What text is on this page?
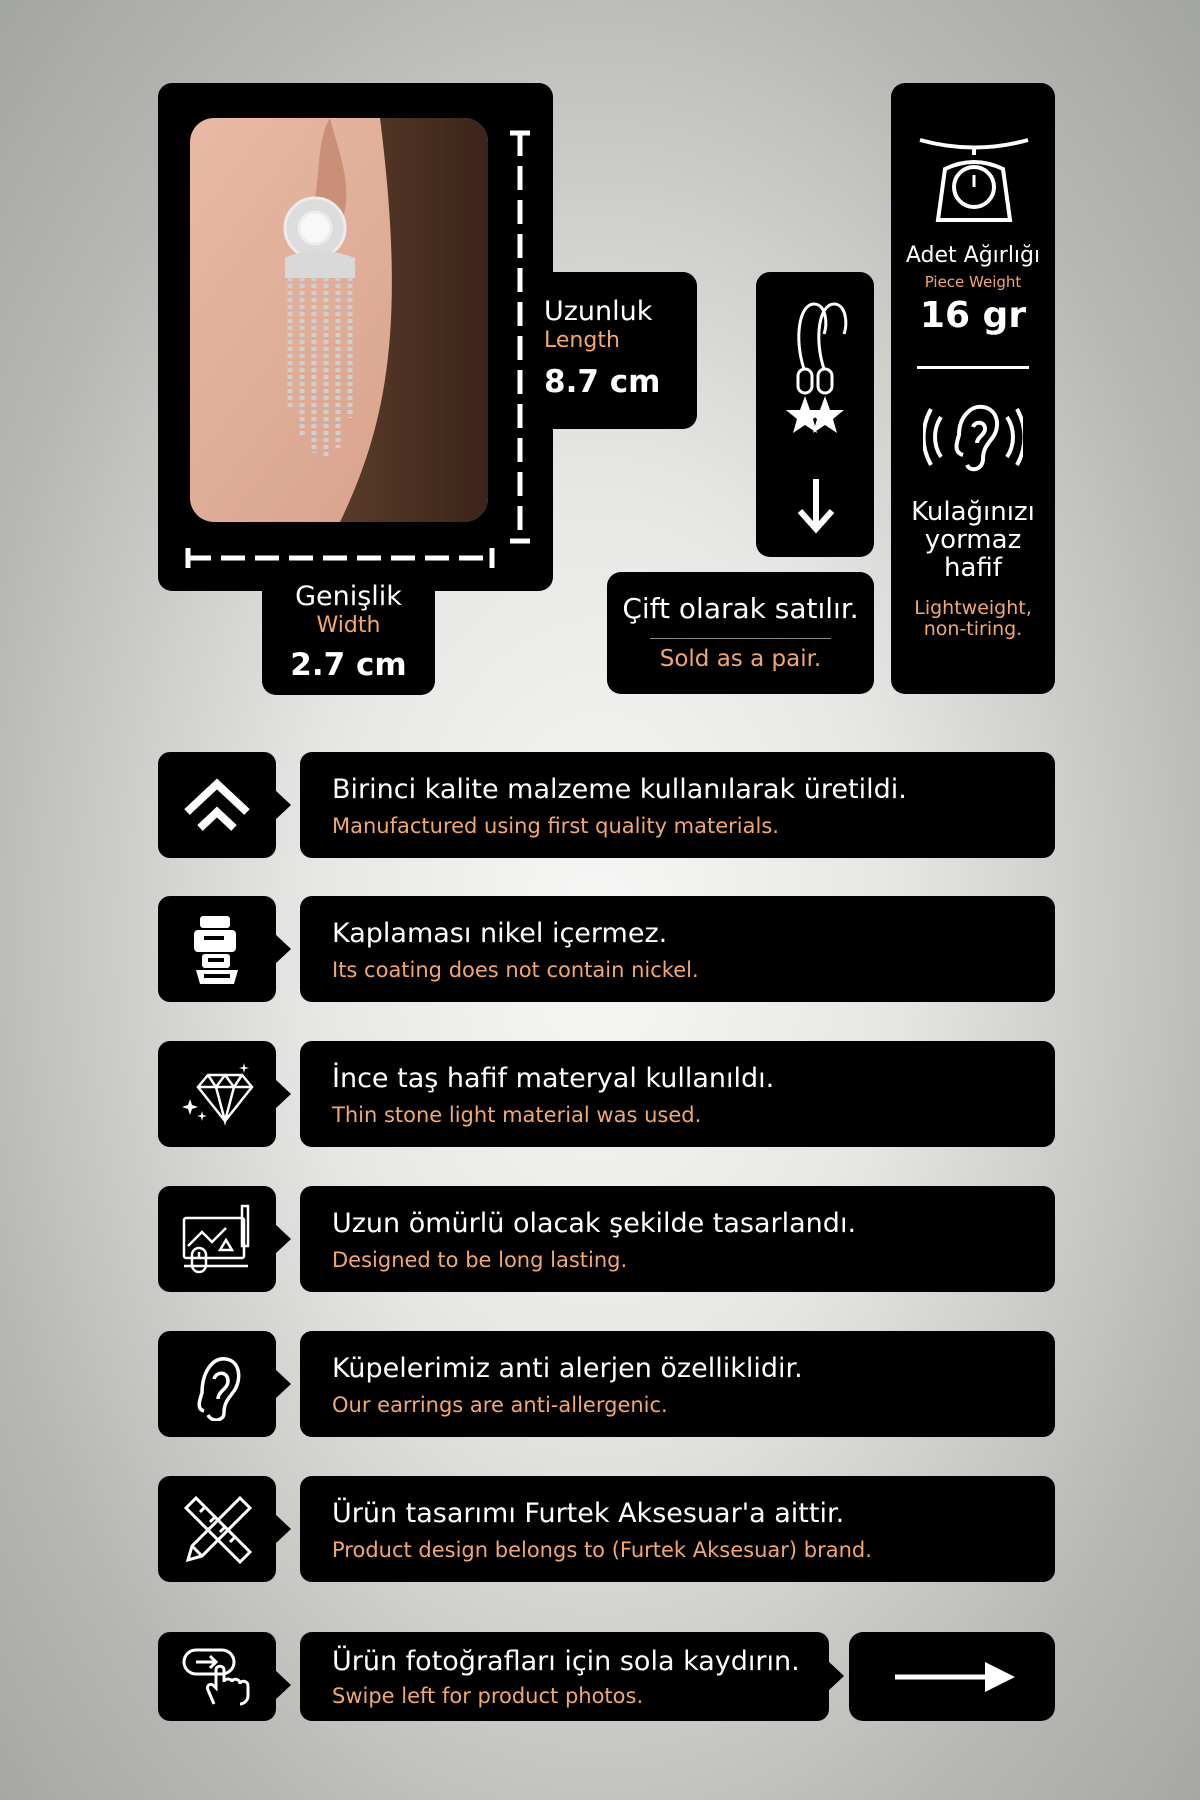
Uzunluk
Length
8.7 cm
Genişlik
Width
2.7 cm
Çift olarak satılır.
Sold as a pair.
Adet Ağırlığı
Piece Weight
16 gr
Kulağınızı
yormaz
hafif
Lightweight,
non-tiring.
Birinci kalite malzeme kullanılarak üretildi.
Manufactured using first quality materials.
Kaplaması nikel içermez.
Its coating does not contain nickel.
İnce taş hafif materyal kullanıldı.
Thin stone light material was used.
Uzun ömürlü olacak şekilde tasarlandı.
Designed to be long lasting.
Küpelerimiz anti alerjen özelliklidir.
Our earrings are anti-allergenic.
Ürün tasarımı Furtek Aksesuar'a aittir.
Product design belongs to (Furtek Aksesuar) brand.
Ürün fotoğrafları için sola kaydırın.
Swipe left for product photos.
